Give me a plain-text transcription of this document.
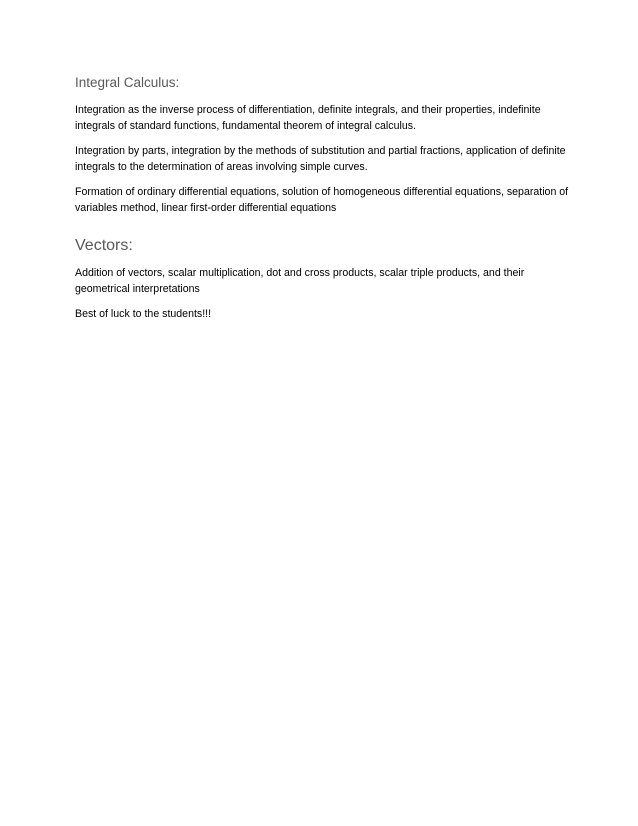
Integral Calculus:

Integration as the inverse process of differentiation, definite integrals, and their properties, indefinite integrals of standard functions, fundamental theorem of integral calculus.

Integration by parts, integration by the methods of substitution and partial fractions, application of definite integrals to the determination of areas involving simple curves.

Formation of ordinary differential equations, solution of homogeneous differential equations, separation of variables method, linear first-order differential equations

Vectors:

Addition of vectors, scalar multiplication, dot and cross products, scalar triple products, and their geometrical interpretations

Best of luck to the students!!!
